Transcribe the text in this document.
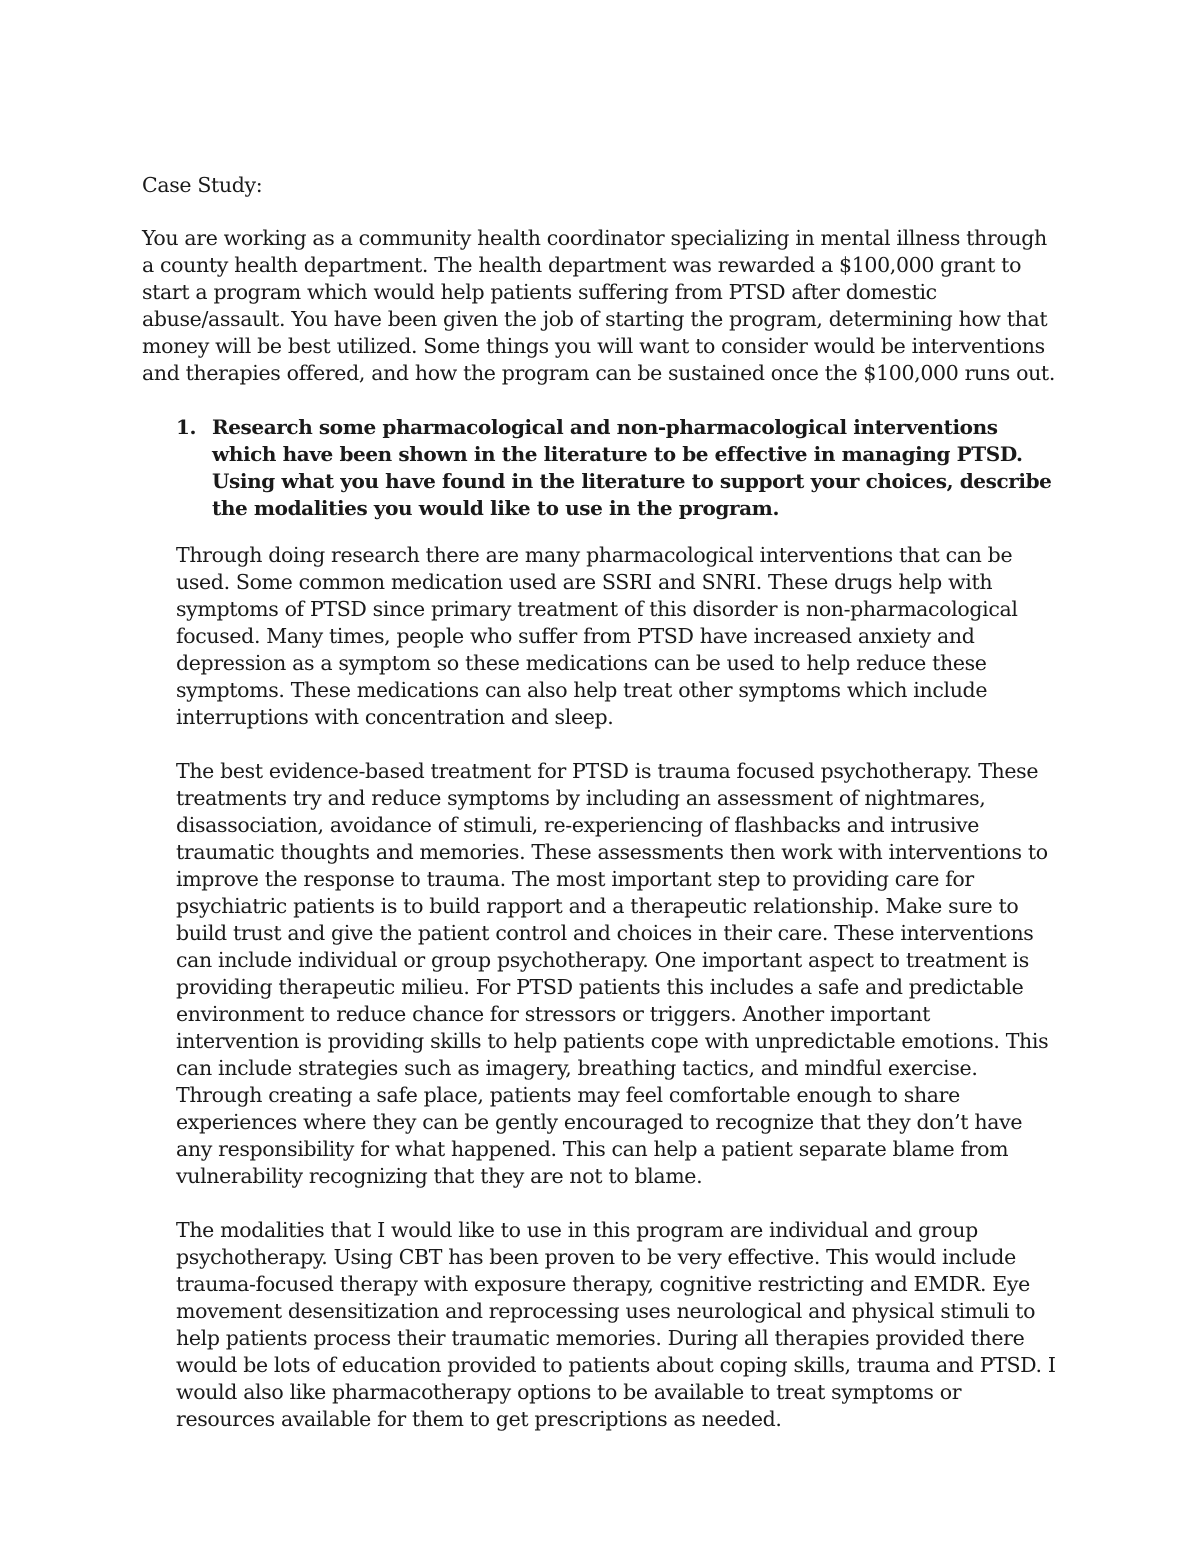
Case Study:

You are working as a community health coordinator specializing in mental illness through a county health department. The health department was rewarded a $100,000 grant to start a program which would help patients suffering from PTSD after domestic abuse/assault. You have been given the job of starting the program, determining how that money will be best utilized. Some things you will want to consider would be interventions and therapies offered, and how the program can be sustained once the $100,000 runs out.

1. Research some pharmacological and non-pharmacological interventions which have been shown in the literature to be effective in managing PTSD. Using what you have found in the literature to support your choices, describe the modalities you would like to use in the program.

Through doing research there are many pharmacological interventions that can be used. Some common medication used are SSRI and SNRI. These drugs help with symptoms of PTSD since primary treatment of this disorder is non-pharmacological focused. Many times, people who suffer from PTSD have increased anxiety and depression as a symptom so these medications can be used to help reduce these symptoms. These medications can also help treat other symptoms which include interruptions with concentration and sleep.

The best evidence-based treatment for PTSD is trauma focused psychotherapy. These treatments try and reduce symptoms by including an assessment of nightmares, disassociation, avoidance of stimuli, re-experiencing of flashbacks and intrusive traumatic thoughts and memories. These assessments then work with interventions to improve the response to trauma. The most important step to providing care for psychiatric patients is to build rapport and a therapeutic relationship. Make sure to build trust and give the patient control and choices in their care. These interventions can include individual or group psychotherapy. One important aspect to treatment is providing therapeutic milieu. For PTSD patients this includes a safe and predictable environment to reduce chance for stressors or triggers. Another important intervention is providing skills to help patients cope with unpredictable emotions. This can include strategies such as imagery, breathing tactics, and mindful exercise. Through creating a safe place, patients may feel comfortable enough to share experiences where they can be gently encouraged to recognize that they don’t have any responsibility for what happened. This can help a patient separate blame from vulnerability recognizing that they are not to blame.

The modalities that I would like to use in this program are individual and group psychotherapy. Using CBT has been proven to be very effective. This would include trauma-focused therapy with exposure therapy, cognitive restricting and EMDR. Eye movement desensitization and reprocessing uses neurological and physical stimuli to help patients process their traumatic memories. During all therapies provided there would be lots of education provided to patients about coping skills, trauma and PTSD. I would also like pharmacotherapy options to be available to treat symptoms or resources available for them to get prescriptions as needed.
